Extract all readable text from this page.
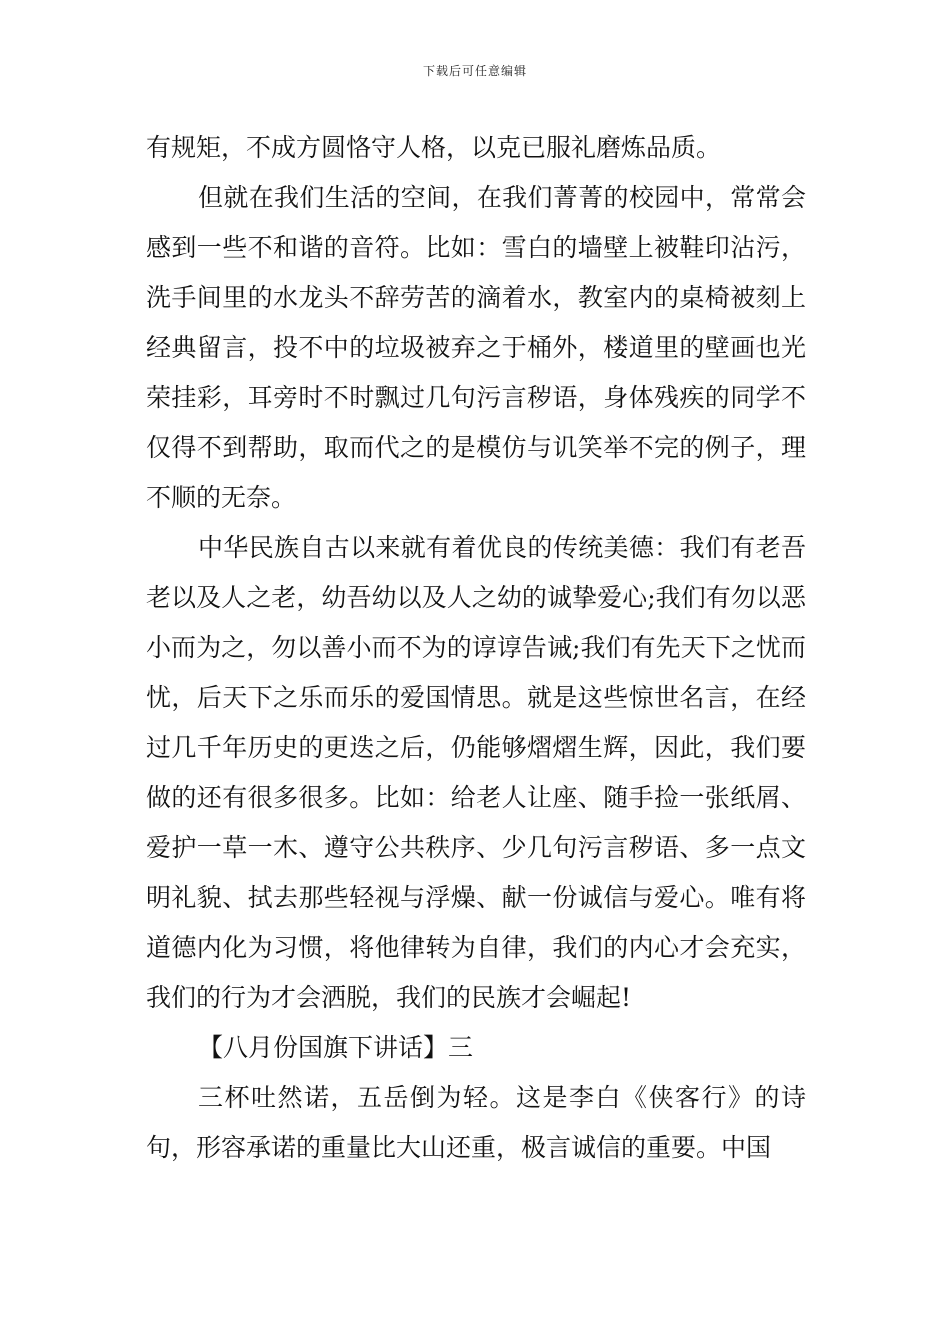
下载后可任意编辑

有规矩，不成方圆恪守人格，以克已服礼磨炼品质。

但就在我们生活的空间，在我们菁菁的校园中，常常会感到一些不和谐的音符。比如：雪白的墙壁上被鞋印沾污，洗手间里的水龙头不辞劳苦的滴着水，教室内的桌椅被刻上经典留言，投不中的垃圾被弃之于桶外，楼道里的壁画也光荣挂彩，耳旁时不时飘过几句污言秽语，身体残疾的同学不仅得不到帮助，取而代之的是模仿与讥笑举不完的例子，理不顺的无奈。

中华民族自古以来就有着优良的传统美德：我们有老吾老以及人之老，幼吾幼以及人之幼的诚挚爱心;我们有勿以恶小而为之，勿以善小而不为的谆谆告诫;我们有先天下之忧而忧，后天下之乐而乐的爱国情思。就是这些惊世名言，在经过几千年历史的更迭之后，仍能够熠熠生辉，因此，我们要做的还有很多很多。比如：给老人让座、随手捡一张纸屑、爱护一草一木、遵守公共秩序、少几句污言秽语、多一点文明礼貌、拭去那些轻视与浮燥、献一份诚信与爱心。唯有将道德内化为习惯，将他律转为自律，我们的内心才会充实，我们的行为才会洒脱，我们的民族才会崛起!

【八月份国旗下讲话】三

三杯吐然诺，五岳倒为轻。这是李白《侠客行》的诗句，形容承诺的重量比大山还重，极言诚信的重要。中国
